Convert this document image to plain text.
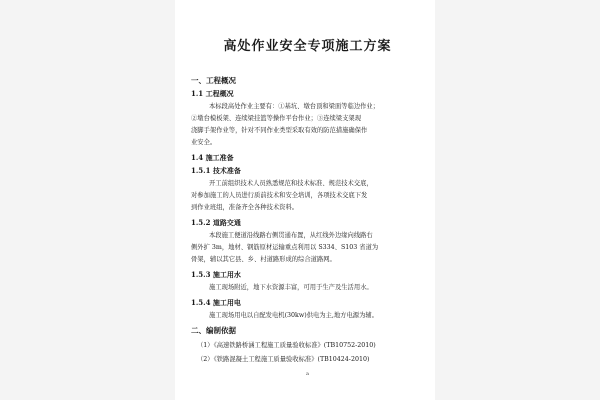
高处作业安全专项施工方案
一、工程概况
1.1 工程概况
本标段高处作业主要有：①基坑、墩台顶和梁面等临边作业；
②墩台模板架、连续梁挂篮等操作平台作业；③连续梁支架现
浇脚手架作业等，针对不同作业类型采取有效的防范措施确保作
业安全。
1.4 施工准备
1.5.1 技术准备
开工前组织技术人员熟悉规范和技术标准、规范技术交底，
对参加施工的人员进行质前技术和安全培训，各项技术交底下发
到作业班组，准备齐全各种技术资料。
1.5.2 道路交通
本段施工便道沿线路右侧贯通布置，从红线外边缘向线路右
侧外扩 3m，地材、钢筋原材运输重点利用以 S334、S103 省道为
骨架，辅以其它县、乡、村道路形成的综合道路网。
1.5.3 施工用水
施工现场附近，地下水资源丰富，可用于生产及生活用水。
1.5.4 施工用电
施工现场用电以自配发电机(30kw)供电为主,地方电源为辅。
二、编制依据
（1）《高速铁路桥涵工程施工质量验收标准》(TB10752-2010)
（2）《铁路混凝土工程施工质量验收标准》(TB10424-2010)
a
